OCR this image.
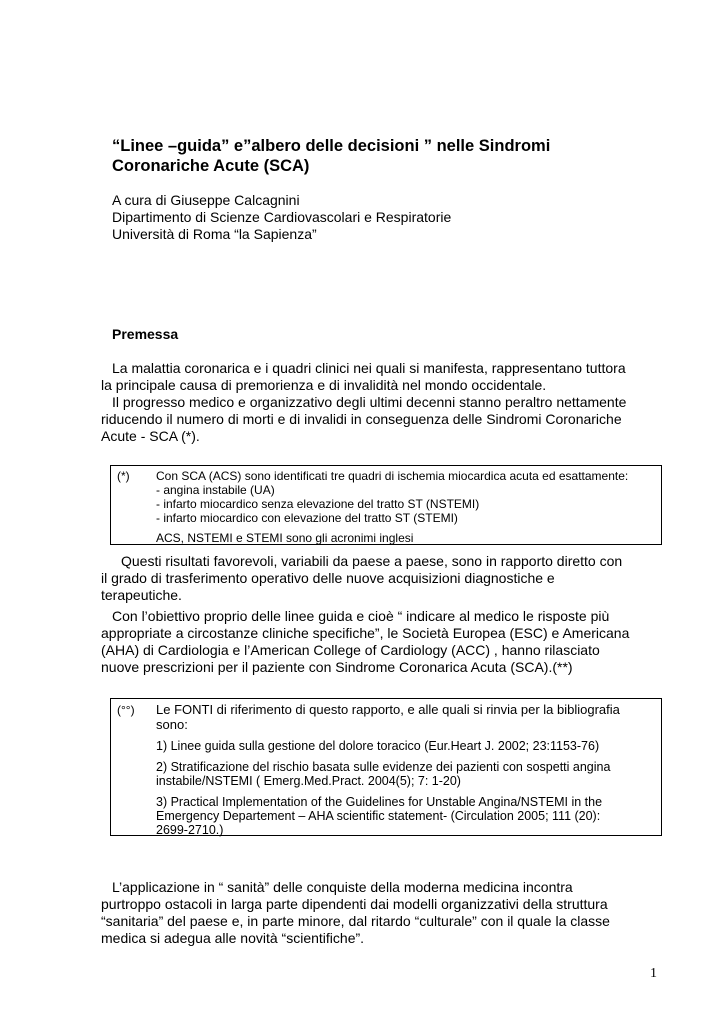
“Linee –guida” e”albero delle decisioni ” nelle Sindromi Coronariche Acute (SCA)
A cura di Giuseppe Calcagnini
Dipartimento di Scienze Cardiovascolari e Respiratorie
Università di Roma “la Sapienza”
Premessa
La malattia coronarica e i quadri clinici nei quali si manifesta, rappresentano tuttora
la principale causa di premorienza e di invalidità nel mondo occidentale.
Il progresso medico e organizzativo degli ultimi decenni stanno peraltro nettamente
riducendo il numero di morti e di invalidi in conseguenza delle Sindromi Coronariche
Acute - SCA (*).
(*) Con SCA (ACS) sono identificati tre quadri di ischemia miocardica acuta ed esattamente:
- angina instabile (UA)
- infarto miocardico senza elevazione del tratto ST (NSTEMI)
- infarto miocardico con elevazione del tratto ST (STEMI)
ACS, NSTEMI e STEMI sono gli acronimi inglesi
Questi risultati favorevoli, variabili da paese a paese, sono in rapporto diretto con
il grado di trasferimento operativo delle nuove acquisizioni diagnostiche e
terapeutiche.
Con l’obiettivo proprio delle linee guida e cioè “ indicare al medico le risposte più
appropriate a circostanze cliniche specifiche”, le Società Europea (ESC) e Americana
(AHA) di Cardiologia e l’American College of Cardiology (ACC) , hanno rilasciato
nuove prescrizioni per il paziente con Sindrome Coronarica Acuta (SCA).(**)
(°°) Le FONTI di riferimento di questo rapporto, e alle quali si rinvia per la bibliografia
sono:
1) Linee guida sulla gestione del dolore toracico (Eur.Heart J. 2002; 23:1153-76)
2) Stratificazione del rischio basata sulle evidenze dei pazienti con sospetti angina
instabile/NSTEMI ( Emerg.Med.Pract. 2004(5); 7: 1-20)
3) Practical Implementation of the Guidelines for Unstable Angina/NSTEMI in the
Emergency Departement – AHA scientific statement- (Circulation 2005; 111 (20):
2699-2710.)
L’applicazione in “ sanità” delle conquiste della moderna medicina incontra
purtroppo ostacoli in larga parte dipendenti dai modelli organizzativi della struttura
“sanitaria” del paese e, in parte minore, dal ritardo “culturale” con il quale la classe
medica si adegua alle novità “scientifiche”.
1
